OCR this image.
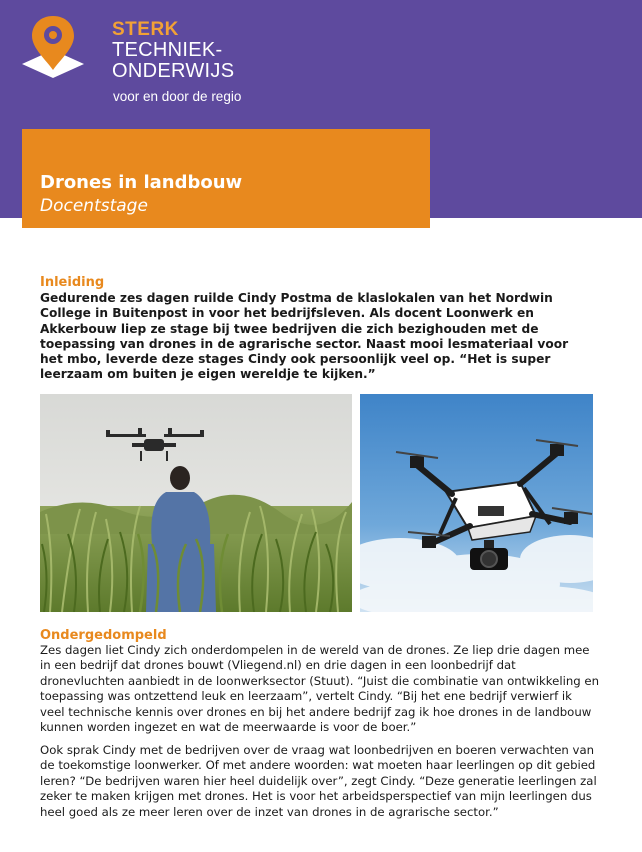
STERK
TECHNIEK-
ONDERWIJS
voor en door de regio
Drones in landbouw
Docentstage
Inleiding
Gedurende zes dagen ruilde Cindy Postma de klaslokalen van het Nordwin College in Buitenpost in voor het bedrijfsleven. Als docent Loonwerk en Akkerbouw liep ze stage bij twee bedrijven die zich bezighouden met de toepassing van drones in de agrarische sector. Naast mooi lesmateriaal voor het mbo, leverde deze stages Cindy ook persoonlijk veel op. “Het is super leerzaam om buiten je eigen wereldje te kijken.”
Ondergedompeld
Zes dagen liet Cindy zich onderdompelen in de wereld van de drones. Ze liep drie dagen mee in een bedrijf dat drones bouwt (Vliegend.nl) en drie dagen in een loonbedrijf dat dronevluchten aanbiedt in de loonwerksector (Stuut). “Juist die combinatie van ontwikkeling en toepassing was ontzettend leuk en leerzaam”, vertelt Cindy. “Bij het ene bedrijf verwierf ik veel technische kennis over drones en bij het andere bedrijf zag ik hoe drones in de landbouw kunnen worden ingezet en wat de meerwaarde is voor de boer.”
Ook sprak Cindy met de bedrijven over de vraag wat loonbedrijven en boeren verwachten van de toekomstige loonwerker. Of met andere woorden: wat moeten haar leerlingen op dit gebied leren? “De bedrijven waren hier heel duidelijk over”, zegt Cindy. “Deze generatie leerlingen zal zeker te maken krijgen met drones. Het is voor het arbeidsperspectief van mijn leerlingen dus heel goed als ze meer leren over de inzet van drones in de agrarische sector.”
